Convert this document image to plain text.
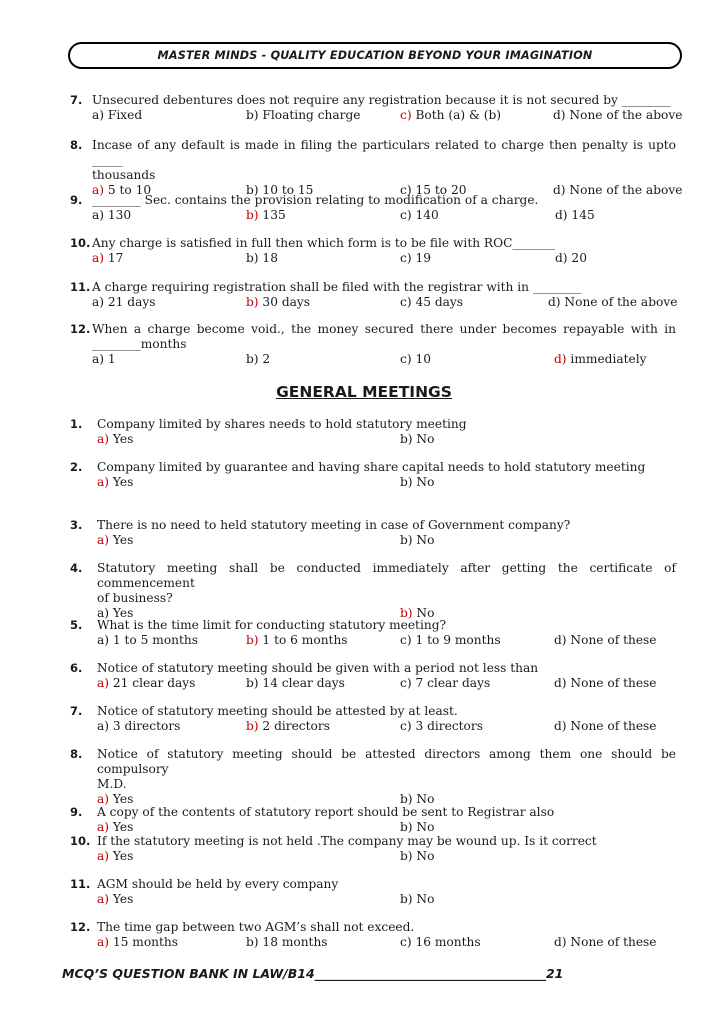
MASTER MINDS - QUALITY EDUCATION BEYOND YOUR IMAGINATION
7. Unsecured debentures does not require any registration because it is not secured by ________
a) Fixed	b) Floating charge	c) Both (a) & (b)	d) None of the above
8. Incase of any default is made in filing the particulars related to charge then penalty is upto _____
thousands
a) 5 to 10	b) 10 to 15	c) 15 to 20	d) None of the above
9. ________ Sec. contains the provision relating to modification of a charge.
a) 130	b) 135	c) 140	d) 145
10. Any charge is satisfied in full then which form is to be file with ROC_______
a) 17	b) 18	c) 19	d) 20
11. A charge requiring registration shall be filed with the registrar with in ________
a) 21 days	b) 30 days	c) 45 days	d) None of the above
12. When a charge become void., the money secured there under becomes repayable with in
________months
a) 1	b) 2	c) 10	d) immediately
GENERAL MEETINGS
1.	Company limited by shares needs to hold statutory meeting
a) Yes	b) No
2.	Company limited by guarantee and having share capital needs to hold statutory meeting
a) Yes	b) No
3.	There is no need to held statutory meeting in case of Government company?
a) Yes	b) No
4.	Statutory meeting shall be conducted immediately after getting the certificate of commencement
of business?
a) Yes	b) No
5.	What is the time limit for conducting statutory meeting?
a) 1 to 5 months	b) 1 to 6 months	c) 1 to 9 months	d) None of these
6.	Notice of statutory meeting should be given with a period not less than
a) 21 clear days	b) 14 clear days	c) 7 clear days	d) None of these
7.	Notice of statutory meeting should be attested by at least.
a) 3 directors	b) 2 directors	c) 3 directors	d) None of these
8.	Notice of statutory meeting should be attested directors among them one should be compulsory
M.D.
a) Yes	b) No
9.	A copy of the contents of statutory report should be sent to Registrar also
a) Yes	b) No
10. If the statutory meeting is not held .The company may be wound up. Is it correct
a) Yes	b) No
11. AGM should be held by every company
a) Yes	b) No
12. The time gap between two AGM’s shall not exceed.
a) 15 months	b) 18 months	c) 16 months	d) None of these
MCQ’S QUESTION BANK IN LAW/B14_____________________________________21
